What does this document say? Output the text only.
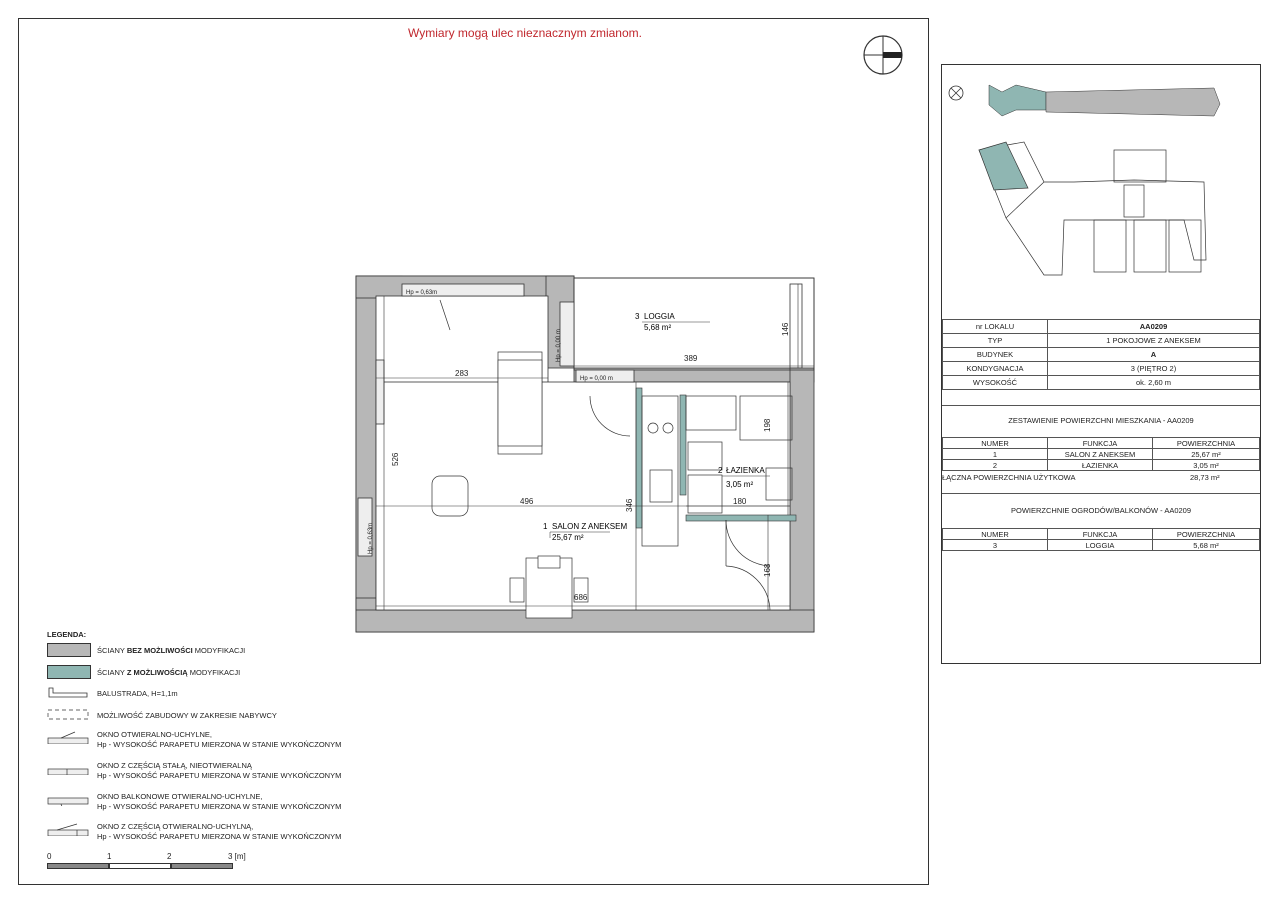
Wymiary mogą ulec nieznacznym zmianom.
1 SALON Z ANEKSEM
25,67 m²
2 ŁAZIENKA
3,05 m²
3 LOGGIA
5,68 m²
283
389
146
526
496	346
198
180
686
168
Hp = 0,63m
Hp = 0,00 m
Hp = 0,00 m
Hp = 0,63m
nr LOKALU	AA0209
TYP	1 POKOJOWE Z ANEKSEM
BUDYNEK	A
KONDYGNACJA	3 (PIĘTRO 2)
WYSOKOŚĆ	ok. 2,60 m
ZESTAWIENIE POWIERZCHNI MIESZKANIA - AA0209
NUMER	FUNKCJA	POWIERZCHNIA
1	SALON Z ANEKSEM	25,67 m²
2	ŁAZIENKA	3,05 m²
ŁĄCZNA POWIERZCHNIA UŻYTKOWA	28,73 m²
POWIERZCHNIE OGRODÓW/BALKONÓW - AA0209
NUMER	FUNKCJA	POWIERZCHNIA
3	LOGGIA	5,68 m²
LEGENDA:
ŚCIANY BEZ MOŻLIWOŚCI MODYFIKACJI
ŚCIANY Z MOŻLIWOŚCIĄ MODYFIKACJI
BALUSTRADA, H=1,1m
MOŻLIWOŚĆ ZABUDOWY W ZAKRESIE NABYWCY
OKNO OTWIERALNO-UCHYLNE,
Hp - WYSOKOŚĆ PARAPETU MIERZONA W STANIE WYKOŃCZONYM
OKNO Z CZĘŚCIĄ STAŁĄ, NIEOTWIERALNĄ
Hp - WYSOKOŚĆ PARAPETU MIERZONA W STANIE WYKOŃCZONYM
OKNO BALKONOWE OTWIERALNO-UCHYLNE,
Hp - WYSOKOŚĆ PARAPETU MIERZONA W STANIE WYKOŃCZONYM
OKNO Z CZĘŚCIĄ OTWIERALNO-UCHYLNĄ,
Hp - WYSOKOŚĆ PARAPETU MIERZONA W STANIE WYKOŃCZONYM
0	1	2	3 [m]
